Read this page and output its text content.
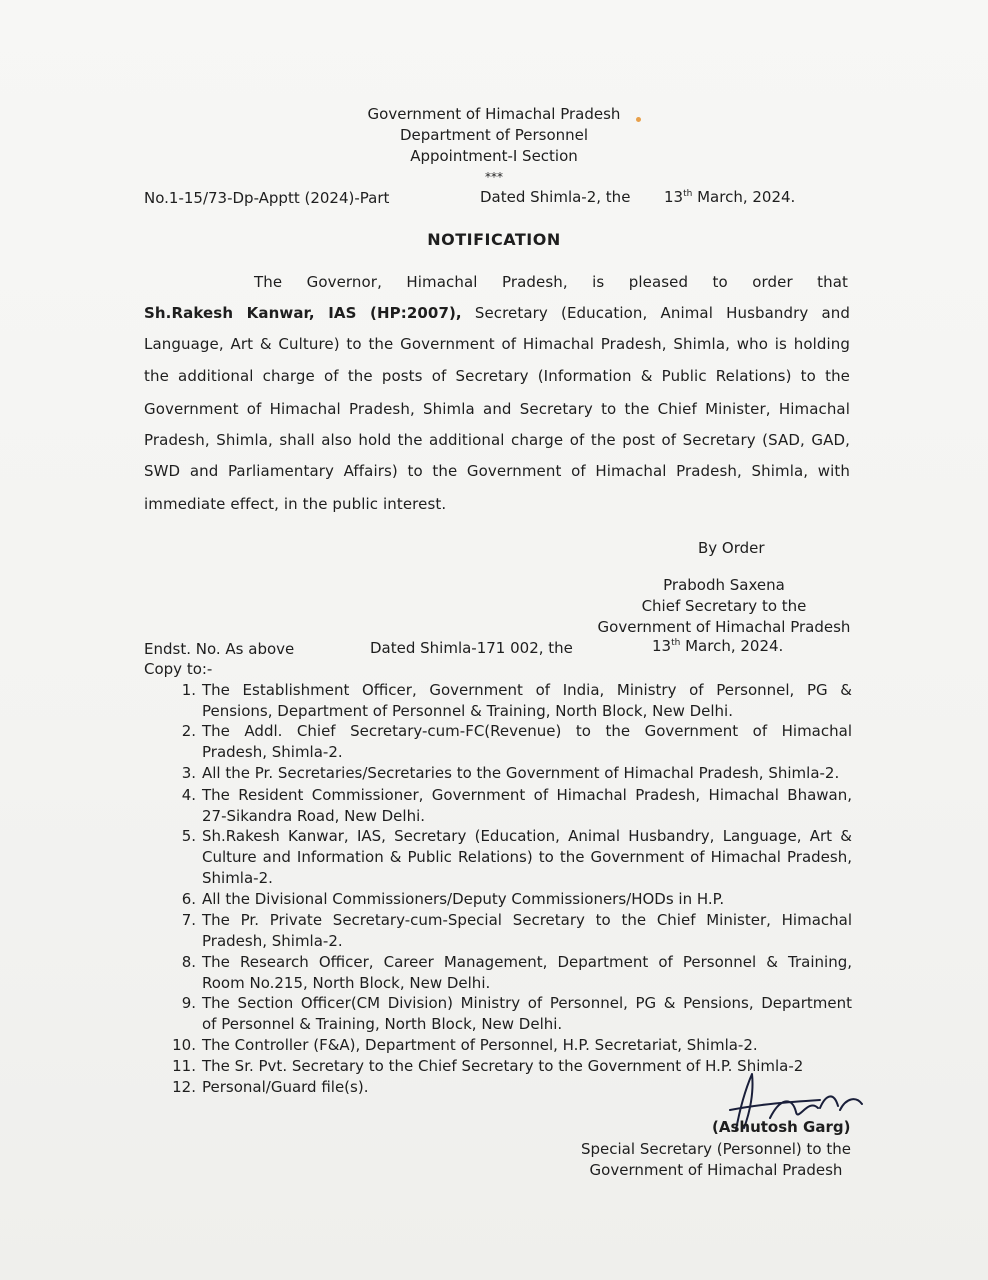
Government of Himachal Pradesh
Department of Personnel
Appointment-I Section
***
No.1-15/73-Dp-Apptt (2024)-Part	Dated Shimla-2, the 13th March, 2024.
NOTIFICATION
The Governor, Himachal Pradesh, is pleased to order that
Sh.Rakesh Kanwar, IAS (HP:2007), Secretary (Education, Animal Husbandry and
Language, Art & Culture) to the Government of Himachal Pradesh, Shimla, who is holding
the additional charge of the posts of Secretary (Information & Public Relations) to the
Government of Himachal Pradesh, Shimla and Secretary to the Chief Minister, Himachal
Pradesh, Shimla, shall also hold the additional charge of the post of Secretary (SAD, GAD,
SWD and Parliamentary Affairs) to the Government of Himachal Pradesh, Shimla, with
immediate effect, in the public interest.
By Order
Prabodh Saxena
Chief Secretary to the
Government of Himachal Pradesh
Endst. No. As above	Dated Shimla-171 002, the	13th March, 2024.
Copy to:-
1. The Establishment Officer, Government of India, Ministry of Personnel, PG &
Pensions, Department of Personnel & Training, North Block, New Delhi.
2. The Addl. Chief Secretary-cum-FC(Revenue) to the Government of Himachal
Pradesh, Shimla-2.
3. All the Pr. Secretaries/Secretaries to the Government of Himachal Pradesh, Shimla-2.
4. The Resident Commissioner, Government of Himachal Pradesh, Himachal Bhawan,
27-Sikandra Road, New Delhi.
5. Sh.Rakesh Kanwar, IAS, Secretary (Education, Animal Husbandry, Language, Art &
Culture and Information & Public Relations) to the Government of Himachal Pradesh,
Shimla-2.
6. All the Divisional Commissioners/Deputy Commissioners/HODs in H.P.
7. The Pr. Private Secretary-cum-Special Secretary to the Chief Minister, Himachal
Pradesh, Shimla-2.
8. The Research Officer, Career Management, Department of Personnel & Training,
Room No.215, North Block, New Delhi.
9. The Section Officer(CM Division) Ministry of Personnel, PG & Pensions, Department
of Personnel & Training, North Block, New Delhi.
10. The Controller (F&A), Department of Personnel, H.P. Secretariat, Shimla-2.
11. The Sr. Pvt. Secretary to the Chief Secretary to the Government of H.P. Shimla-2
12. Personal/Guard file(s).
(Ashutosh Garg)
Special Secretary (Personnel) to the
Government of Himachal Pradesh
